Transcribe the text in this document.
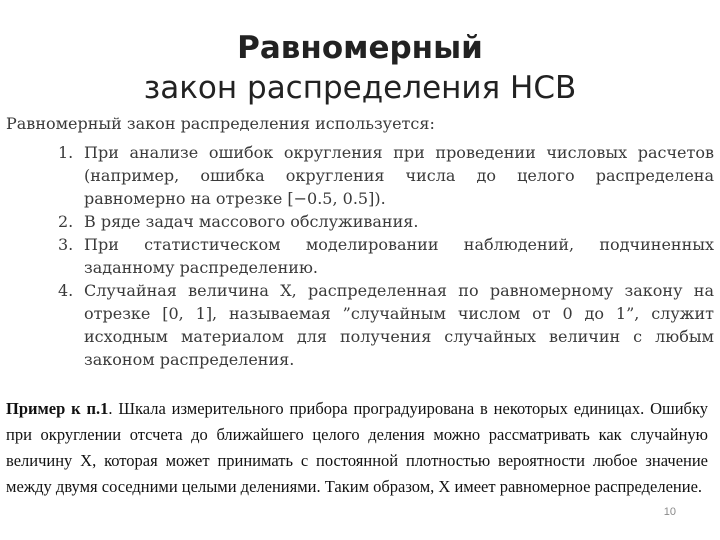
Равномерный
закон распределения НСВ

Равномерный закон распределения используется:

1. При анализе ошибок округления при проведении числовых расчетов (например, ошибка округления числа до целого распределена равномерно на отрезке [−0.5, 0.5]).
2. В ряде задач массового обслуживания.
3. При статистическом моделировании наблюдений, подчиненных заданному распределению.
4. Случайная величина X, распределенная по равномерному закону на отрезке [0, 1], называемая ”случайным числом от 0 до 1”, служит исходным материалом для получения случайных величин с любым законом распределения.
Пример к п.1. Шкала измерительного прибора проградуирована в некоторых единицах. Ошибку при округлении отсчета до ближайшего целого деления можно рассматривать как случайную величину X, которая может принимать с постоянной плотностью вероятности любое значение между двумя соседними целыми делениями. Таким образом, X имеет равномерное распределение.
10
